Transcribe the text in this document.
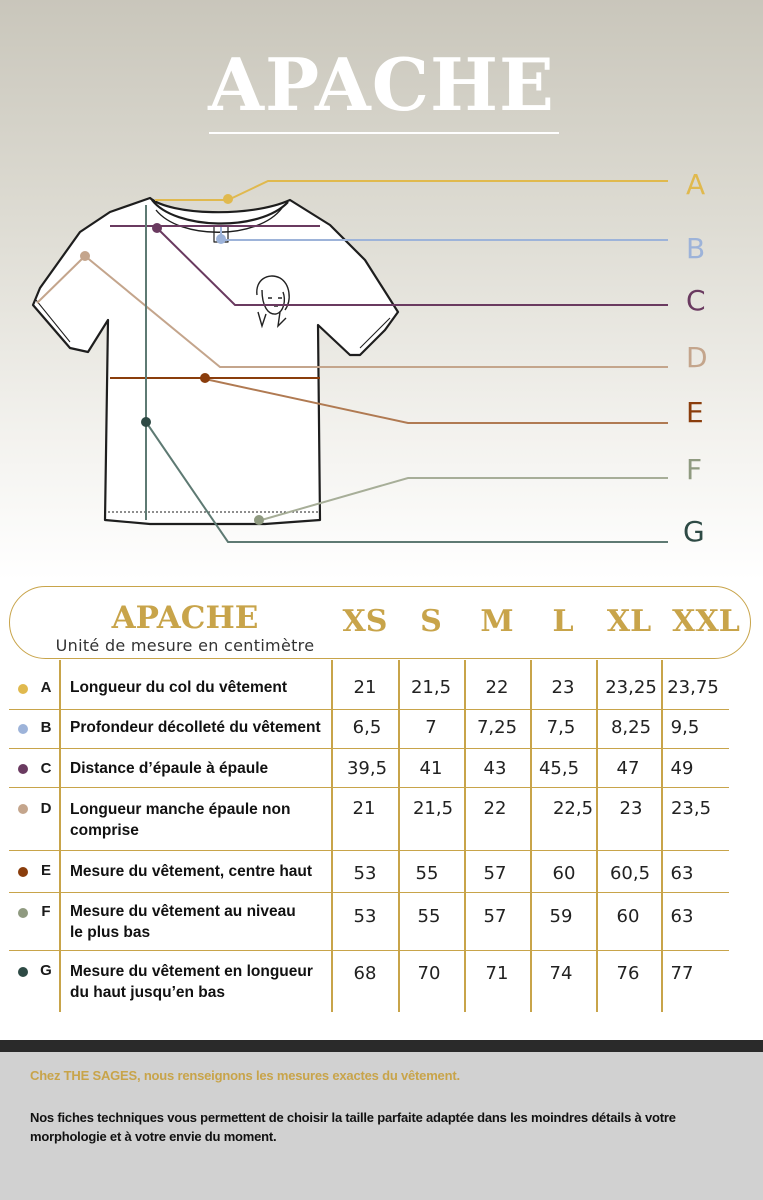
APACHE
A
B
C
D
E
F
G
APACHE
Unité de mesure en centimètre
XS	S	M	L	XL XXL
A Longueur du col du vêtement	21	21,5	22	23	23,25 23,75
B Profondeur décolleté du vêtement	6,5	7	7,25	7,5	8,25	9,5
C Distance d’épaule à épaule	39,5	41	43	45,5	47	49
D Longueur manche épaule non comprise
21	21,5	22	22,5	23	23,5
E Mesure du vêtement, centre haut	53	55	57	60	60,5	63
F Mesure du vêtement au niveau le plus bas
53	55	57	59	60	63
G Mesure du vêtement en longueur du haut jusqu’en bas
68	70	71	74	76	77
Chez THE SAGES, nous renseignons les mesures exactes du vêtement.
Nos fiches techniques vous permettent de choisir la taille parfaite adaptée dans les moindres détails à votre morphologie et à votre envie du moment.
